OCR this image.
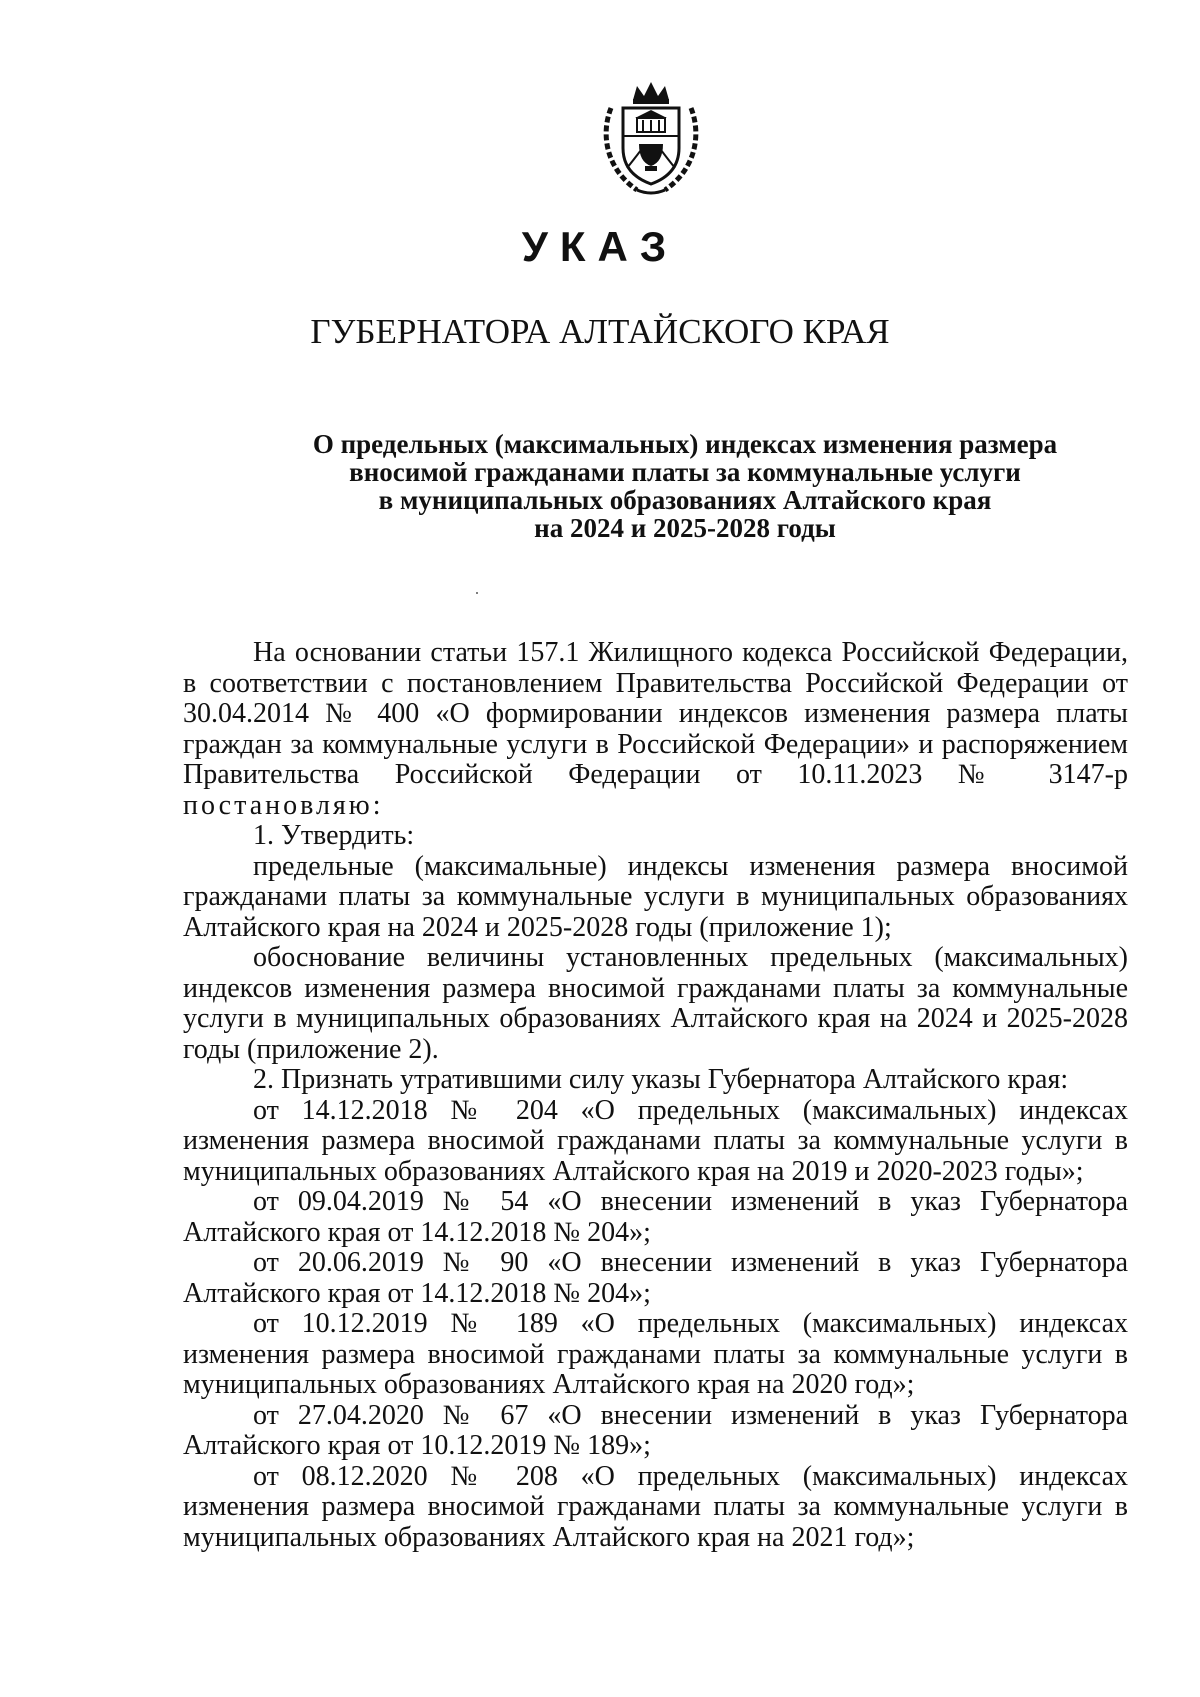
УКАЗ
ГУБЕРНАТОРА АЛТАЙСКОГО КРАЯ
О предельных (максимальных) индексах изменения размера
вносимой гражданами платы за коммунальные услуги
в муниципальных образованиях Алтайского края
на 2024 и 2025-2028 годы

На основании статьи 157.1 Жилищного кодекса Российской Федерации, в соответствии с постановлением Правительства Российской Федерации от 30.04.2014 № 400 «О формировании индексов изменения размера платы граждан за коммунальные услуги в Российской Федерации» и распоряжением Правительства Российской Федерации от 10.11.2023 № 3147-р постановляю:

1. Утвердить:

предельные (максимальные) индексы изменения размера вносимой гражданами платы за коммунальные услуги в муниципальных образованиях Алтайского края на 2024 и 2025-2028 годы (приложение 1);

обоснование величины установленных предельных (максимальных) индексов изменения размера вносимой гражданами платы за коммунальные услуги в муниципальных образованиях Алтайского края на 2024 и 2025-2028 годы (приложение 2).

2. Признать утратившими силу указы Губернатора Алтайского края:

от 14.12.2018 № 204 «О предельных (максимальных) индексах изменения размера вносимой гражданами платы за коммунальные услуги в муниципальных образованиях Алтайского края на 2019 и 2020-2023 годы»;

от 09.04.2019 № 54 «О внесении изменений в указ Губернатора Алтайского края от 14.12.2018 № 204»;

от 20.06.2019 № 90 «О внесении изменений в указ Губернатора Алтайского края от 14.12.2018 № 204»;

от 10.12.2019 № 189 «О предельных (максимальных) индексах изменения размера вносимой гражданами платы за коммунальные услуги в муниципальных образованиях Алтайского края на 2020 год»;

от 27.04.2020 № 67 «О внесении изменений в указ Губернатора Алтайского края от 10.12.2019 № 189»;

от 08.12.2020 № 208 «О предельных (максимальных) индексах изменения размера вносимой гражданами платы за коммунальные услуги в муниципальных образованиях Алтайского края на 2021 год»;
